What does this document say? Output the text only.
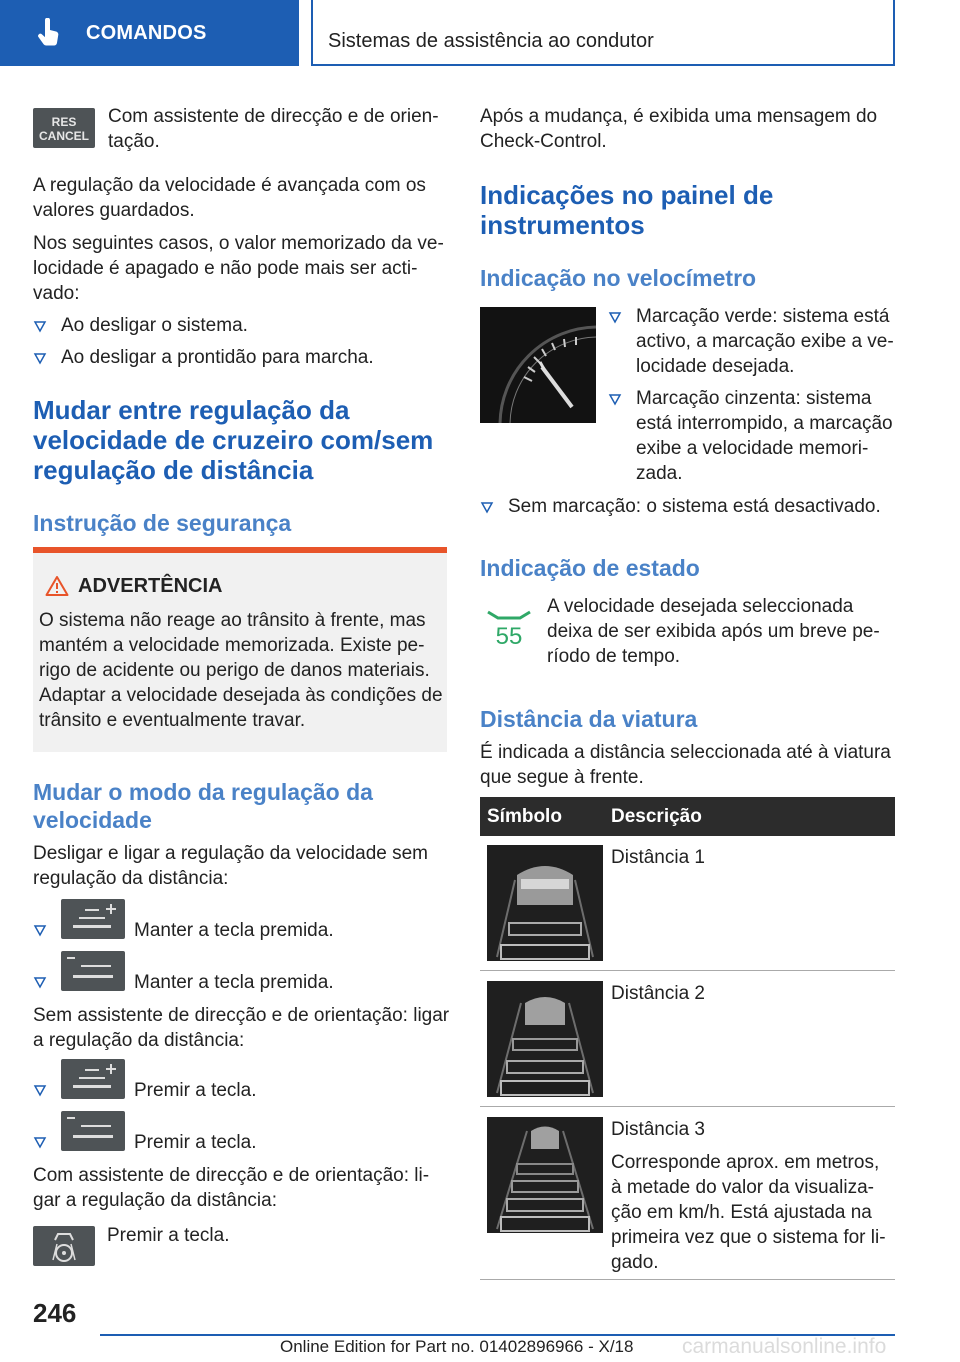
COMANDOS	Sistemas de assistência ao condutor
RES
CANCEL
Com assistente de direcção e de orien-
tação.
A regulação da velocidade é avançada com os
valores guardados.
Nos seguintes casos, o valor memorizado da ve-
locidade é apagado e não pode mais ser acti-
vado:
Ao desligar o sistema.
Ao desligar a prontidão para marcha.
Mudar entre regulação da
velocidade de cruzeiro com/sem
regulação de distância
Instrução de segurança
ADVERTÊNCIA
O sistema não reage ao trânsito à frente, mas
mantém a velocidade memorizada. Existe pe-
rigo de acidente ou perigo de danos materiais.
Adaptar a velocidade desejada às condições de
trânsito e eventualmente travar.
Mudar o modo da regulação da
velocidade
Desligar e ligar a regulação da velocidade sem
regulação da distância:
Manter a tecla premida.
Manter a tecla premida.
Sem assistente de direcção e de orientação: ligar
a regulação da distância:
Premir a tecla.
Premir a tecla.
Com assistente de direcção e de orientação: li-
gar a regulação da distância:
Premir a tecla.
Após a mudança, é exibida uma mensagem do
Check-Control.
Indicações no painel de
instrumentos
Indicação no velocímetro
Marcação verde: sistema está
activo, a marcação exibe a ve-
locidade desejada.
Marcação cinzenta: sistema
está interrompido, a marcação
exibe a velocidade memori-
zada.
Sem marcação: o sistema está desactivado.
Indicação de estado
55
A velocidade desejada seleccionada
deixa de ser exibida após um breve pe-
ríodo de tempo.
Distância da viatura
É indicada a distância seleccionada até à viatura
que segue à frente.
Símbolo	Descrição
Distância 1
Distância 2
Distância 3
Corresponde aprox. em metros,
à metade do valor da visualiza-
ção em km/h. Está ajustada na
primeira vez que o sistema for li-
gado.
246
Online Edition for Part no. 01402896966 - X/18 carmanualsonline.info
